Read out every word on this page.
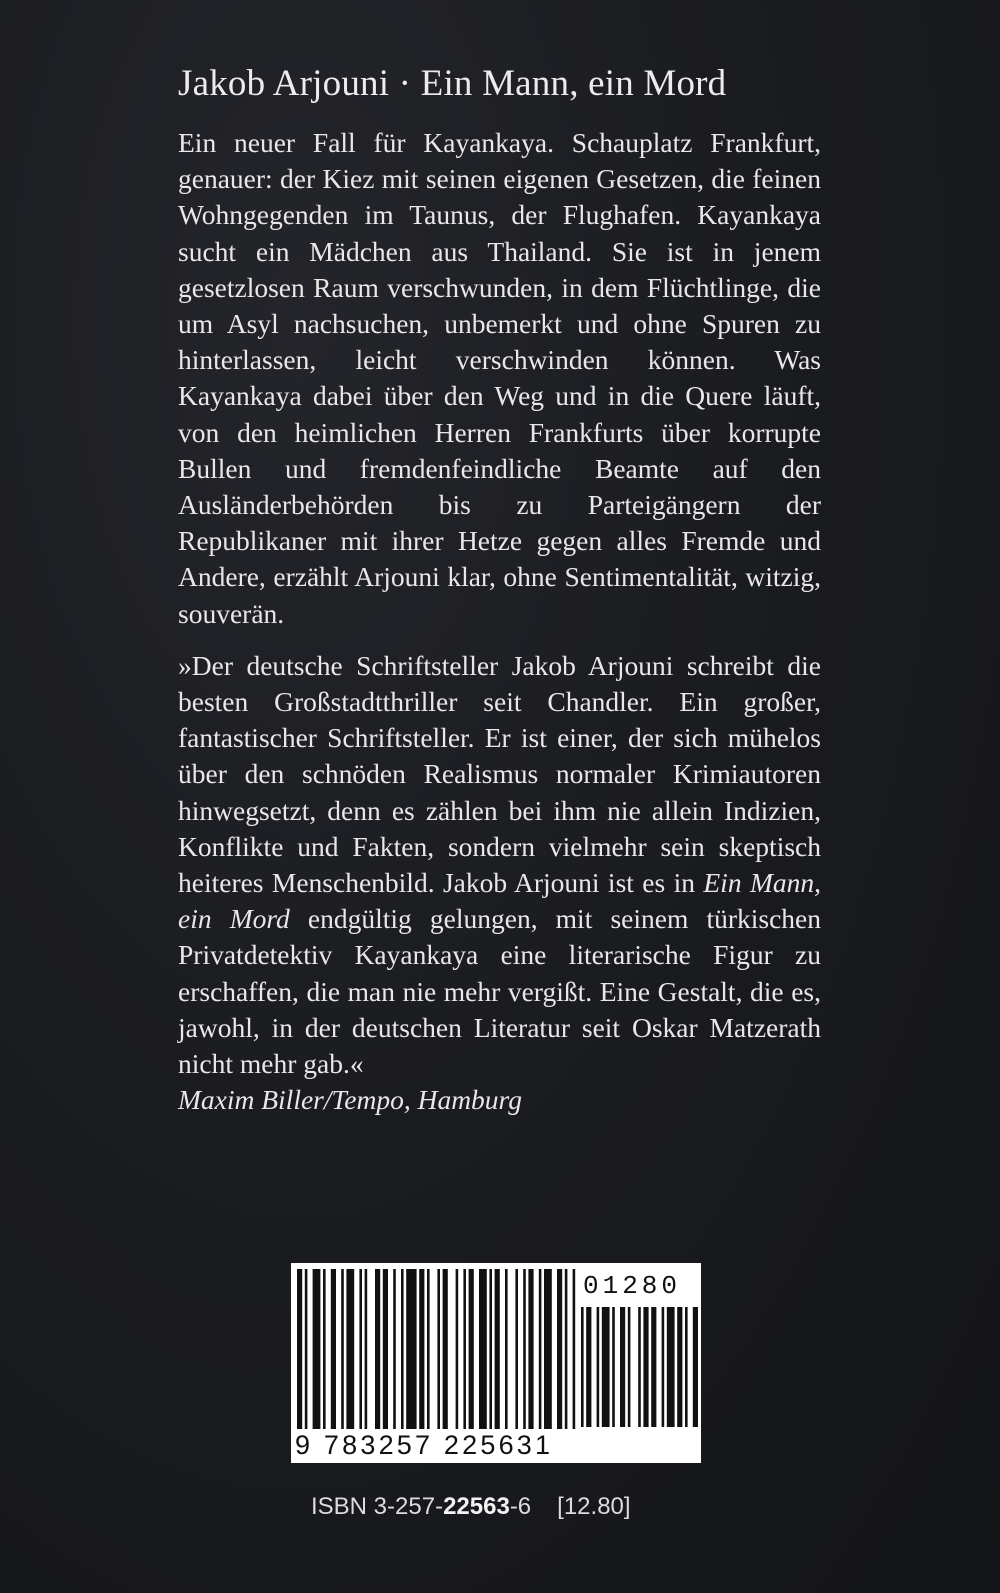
Jakob Arjouni · Ein Mann, ein Mord

Ein neuer Fall für Kayankaya. Schauplatz Frankfurt, genauer: der Kiez mit seinen eigenen Gesetzen, die feinen Wohngegenden im Taunus, der Flughafen. Kayankaya sucht ein Mädchen aus Thailand. Sie ist in jenem gesetzlosen Raum verschwunden, in dem Flüchtlinge, die um Asyl nachsuchen, unbemerkt und ohne Spuren zu hinterlassen, leicht verschwinden können. Was Kayankaya dabei über den Weg und in die Quere läuft, von den heimlichen Herren Frankfurts über korrupte Bullen und fremdenfeindliche Beamte auf den Ausländerbehörden bis zu Parteigängern der Republikaner mit ihrer Hetze gegen alles Fremde und Andere, erzählt Arjouni klar, ohne Sentimentalität, witzig, souverän.

»Der deutsche Schriftsteller Jakob Arjouni schreibt die besten Großstadtthriller seit Chandler. Ein großer, fantastischer Schriftsteller. Er ist einer, der sich mühelos über den schnöden Realismus normaler Krimiautoren hinwegsetzt, denn es zählen bei ihm nie allein Indizien, Konflikte und Fakten, sondern vielmehr sein skeptisch heiteres Menschenbild. Jakob Arjouni ist es in Ein Mann, ein Mord endgültig gelungen, mit seinem türkischen Privatdetektiv Kayankaya eine literarische Figur zu erschaffen, die man nie mehr vergißt. Eine Gestalt, die es, jawohl, in der deutschen Literatur seit Oskar Matzerath nicht mehr gab.«
Maxim Biller/Tempo, Hamburg

01280
9 783257 225631
ISBN 3-257-22563-6 [12.80]
